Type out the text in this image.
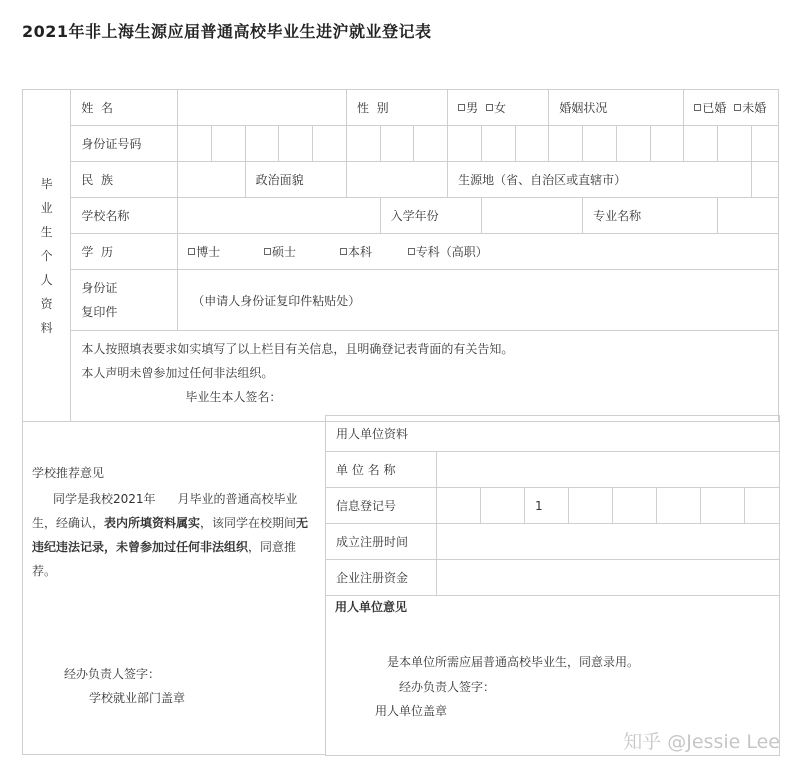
2021年非上海生源应届普通高校毕业生进沪就业登记表
毕业生个人资料	姓  名						性  别			男 女			婚姻状况				已婚 未婚		
	身份证号码																		
	民  族			政治面貌						生源地（省、自治区或直辖市）									
	学校名称							入学年份						专业名称					
	学  历	博士 硕士 本科 专科（高职）																	

	身份证
复印件	（申请人身份证复印件粘贴处）																	

	本人按照填表要求如实填写了以上栏目有关信息，且明确登记表背面的有关告知。
本人声明未曾参加过任何非法组织。
毕业生本人签名：																		
学校推荐意见
同学是我校2021年 月毕业的普通高校毕业
生，经确认，表内所填资料属实，该同学在校期间无
违纪违法记录，未曾参加过任何非法组织，同意推
荐。
经办负责人签字：
学校就业部门盖章
用人单位资料								
单 位 名 称								
信息登记号			1					
成立注册时间								
企业注册资金								
用人单位意见
是本单位所需应届普通高校毕业生，同意录用。
经办负责人签字：
用人单位盖章
知乎 @Jessie Lee
